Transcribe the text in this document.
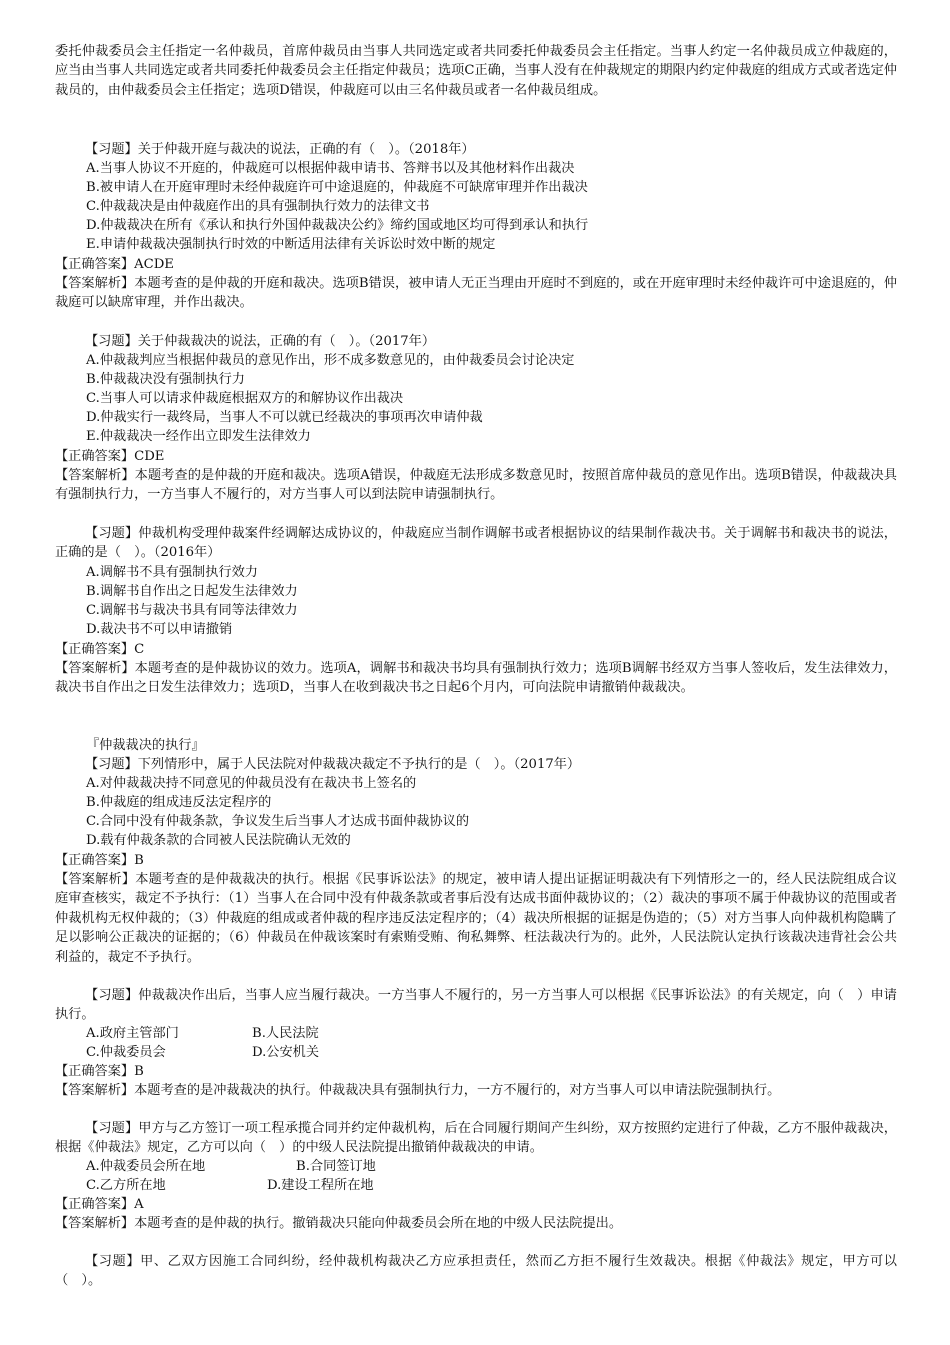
委托仲裁委员会主任指定一名仲裁员，首席仲裁员由当事人共同选定或者共同委托仲裁委员会主任指定。当事人约定一名仲裁员成立仲裁庭的，应当由当事人共同选定或者共同委托仲裁委员会主任指定仲裁员；选项C正确，当事人没有在仲裁规定的期限内约定仲裁庭的组成方式或者选定仲裁员的，由仲裁委员会主任指定；选项D错误，仲裁庭可以由三名仲裁员或者一名仲裁员组成。

【习题】关于仲裁开庭与裁决的说法，正确的有（　）。（2018年）

A.当事人协议不开庭的，仲裁庭可以根据仲裁申请书、答辩书以及其他材料作出裁决

B.被申请人在开庭审理时未经仲裁庭许可中途退庭的，仲裁庭不可缺席审理并作出裁决

C.仲裁裁决是由仲裁庭作出的具有强制执行效力的法律文书

D.仲裁裁决在所有《承认和执行外国仲裁裁决公约》缔约国或地区均可得到承认和执行

E.申请仲裁裁决强制执行时效的中断适用法律有关诉讼时效中断的规定

【正确答案】ACDE

【答案解析】本题考查的是仲裁的开庭和裁决。选项B错误，被申请人无正当理由开庭时不到庭的，或在开庭审理时未经仲裁许可中途退庭的，仲裁庭可以缺席审理，并作出裁决。

【习题】关于仲裁裁决的说法，正确的有（　）。（2017年）

A.仲裁裁判应当根据仲裁员的意见作出，形不成多数意见的，由仲裁委员会讨论决定

B.仲裁裁决没有强制执行力

C.当事人可以请求仲裁庭根据双方的和解协议作出裁决

D.仲裁实行一裁终局，当事人不可以就已经裁决的事项再次申请仲裁

E.仲裁裁决一经作出立即发生法律效力

【正确答案】CDE

【答案解析】本题考查的是仲裁的开庭和裁决。选项A错误，仲裁庭无法形成多数意见时，按照首席仲裁员的意见作出。选项B错误，仲裁裁决具有强制执行力，一方当事人不履行的，对方当事人可以到法院申请强制执行。

【习题】仲裁机构受理仲裁案件经调解达成协议的，仲裁庭应当制作调解书或者根据协议的结果制作裁决书。关于调解书和裁决书的说法，正确的是（　）。（2016年）

A.调解书不具有强制执行效力

B.调解书自作出之日起发生法律效力

C.调解书与裁决书具有同等法律效力

D.裁决书不可以申请撤销

【正确答案】C

【答案解析】本题考查的是仲裁协议的效力。选项A，调解书和裁决书均具有强制执行效力；选项B调解书经双方当事人签收后，发生法律效力，裁决书自作出之日发生法律效力；选项D，当事人在收到裁决书之日起6个月内，可向法院申请撤销仲裁裁决。

『仲裁裁决的执行』

【习题】下列情形中，属于人民法院对仲裁裁决裁定不予执行的是（　）。（2017年）

A.对仲裁裁决持不同意见的仲裁员没有在裁决书上签名的

B.仲裁庭的组成违反法定程序的

C.合同中没有仲裁条款，争议发生后当事人才达成书面仲裁协议的

D.载有仲裁条款的合同被人民法院确认无效的

【正确答案】B

【答案解析】本题考查的是仲裁裁决的执行。根据《民事诉讼法》的规定，被申请人提出证据证明裁决有下列情形之一的，经人民法院组成合议庭审查核实，裁定不予执行：（1）当事人在合同中没有仲裁条款或者事后没有达成书面仲裁协议的；（2）裁决的事项不属于仲裁协议的范围或者仲裁机构无权仲裁的；（3）仲裁庭的组成或者仲裁的程序违反法定程序的；（4）裁决所根据的证据是伪造的；（5）对方当事人向仲裁机构隐瞒了足以影响公正裁决的证据的；（6）仲裁员在仲裁该案时有索贿受贿、徇私舞弊、枉法裁决行为的。此外，人民法院认定执行该裁决违背社会公共利益的，裁定不予执行。

【习题】仲裁裁决作出后，当事人应当履行裁决。一方当事人不履行的，另一方当事人可以根据《民事诉讼法》的有关规定，向（　）申请执行。

A.政府主管部门	B.人民法院

C.仲裁委员会	D.公安机关

【正确答案】B

【答案解析】本题考查的是冲裁裁决的执行。仲裁裁决具有强制执行力，一方不履行的，对方当事人可以申请法院强制执行。

【习题】甲方与乙方签订一项工程承揽合同并约定仲裁机构，后在合同履行期间产生纠纷，双方按照约定进行了仲裁，乙方不服仲裁裁决，根据《仲裁法》规定，乙方可以向（　）的中级人民法院提出撤销仲裁裁决的申请。

A.仲裁委员会所在地	B.合同签订地

C.乙方所在地	D.建设工程所在地

【正确答案】A

【答案解析】本题考查的是仲裁的执行。撤销裁决只能向仲裁委员会所在地的中级人民法院提出。

【习题】甲、乙双方因施工合同纠纷，经仲裁机构裁决乙方应承担责任，然而乙方拒不履行生效裁决。根据《仲裁法》规定，甲方可以（　）。
